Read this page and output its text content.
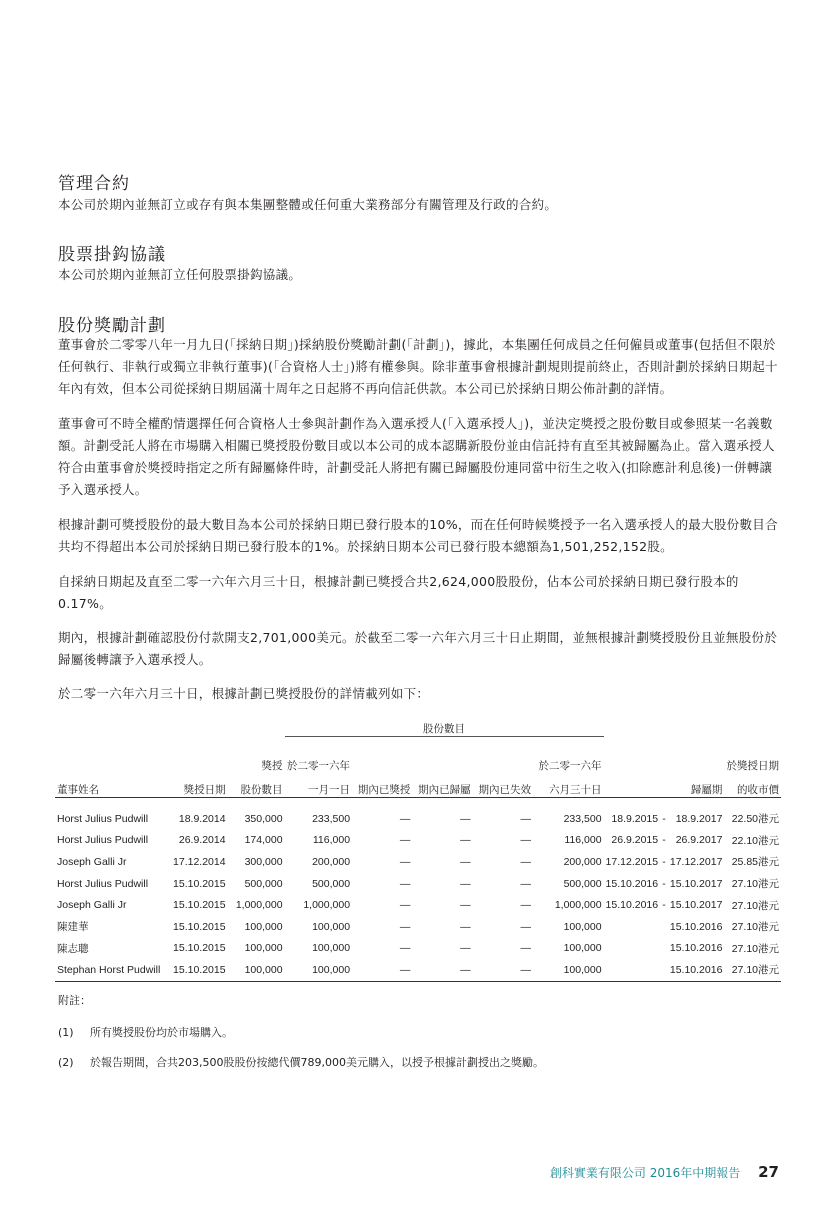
管理合約

本公司於期內並無訂立或存有與本集團整體或任何重大業務部分有關管理及行政的合約。

股票掛鈎協議

本公司於期內並無訂立任何股票掛鈎協議。

股份獎勵計劃

董事會於二零零八年一月九日(「採納日期」)採納股份獎勵計劃(「計劃」)，據此，本集團任何成員之任何僱員或董事(包括但不限於任何執行、非執行或獨立非執行董事)(「合資格人士」)將有權參與。除非董事會根據計劃規則提前終止，否則計劃於採納日期起十年內有效，但本公司從採納日期屆滿十周年之日起將不再向信託供款。本公司已於採納日期公佈計劃的詳情。

董事會可不時全權酌情選擇任何合資格人士參與計劃作為入選承授人(「入選承授人」)，並決定獎授之股份數目或參照某一名義數額。計劃受託人將在市場購入相關已獎授股份數目或以本公司的成本認購新股份並由信託持有直至其被歸屬為止。當入選承授人符合由董事會於獎授時指定之所有歸屬條件時，計劃受託人將把有關已歸屬股份連同當中衍生之收入(扣除應計利息後)一併轉讓予入選承授人。

根據計劃可獎授股份的最大數目為本公司於採納日期已發行股本的10%，而在任何時候獎授予一名入選承授人的最大股份數目合共均不得超出本公司於採納日期已發行股本的1%。於採納日期本公司已發行股本總額為1,501,252,152股。

自採納日期起及直至二零一六年六月三十日，根據計劃已獎授合共2,624,000股股份，佔本公司於採納日期已發行股本的0.17%。

期內，根據計劃確認股份付款開支2,701,000美元。於截至二零一六年六月三十日止期間，並無根據計劃獎授股份且並無股份於歸屬後轉讓予入選承授人。

於二零一六年六月三十日，根據計劃已獎授股份的詳情載列如下：

			股份數目								
		獎授	於二零一六年				於二零一六年				於獎授日期
董事姓名	獎授日期	股份數目	一月一日	期內已獎授	期內已歸屬	期內已失效	六月三十日	歸屬期			的收市價

Horst Julius Pudwill	18.9.2014	350,000	233,500	—	—	—	233,500	18.9.2015	-	18.9.2017	22.50港元
Horst Julius Pudwill	26.9.2014	174,000	116,000	—	—	—	116,000	26.9.2015	-	26.9.2017	22.10港元
Joseph Galli Jr	17.12.2014	300,000	200,000	—	—	—	200,000	17.12.2015	-	17.12.2017	25.85港元
Horst Julius Pudwill	15.10.2015	500,000	500,000	—	—	—	500,000	15.10.2016	-	15.10.2017	27.10港元
Joseph Galli Jr	15.10.2015	1,000,000	1,000,000	—	—	—	1,000,000	15.10.2016	-	15.10.2017	27.10港元
陳建華	15.10.2015	100,000	100,000	—	—	—	100,000			15.10.2016	27.10港元
陳志聰	15.10.2015	100,000	100,000	—	—	—	100,000			15.10.2016	27.10港元
Stephan Horst Pudwill	15.10.2015	100,000	100,000	—	—	—	100,000			15.10.2016	27.10港元

附註：

(1) 所有獎授股份均於市場購入。

(2) 於報告期間，合共203,500股股份按總代價789,000美元購入，以授予根據計劃授出之獎勵。

創科實業有限公司 2016年中期報告 27
